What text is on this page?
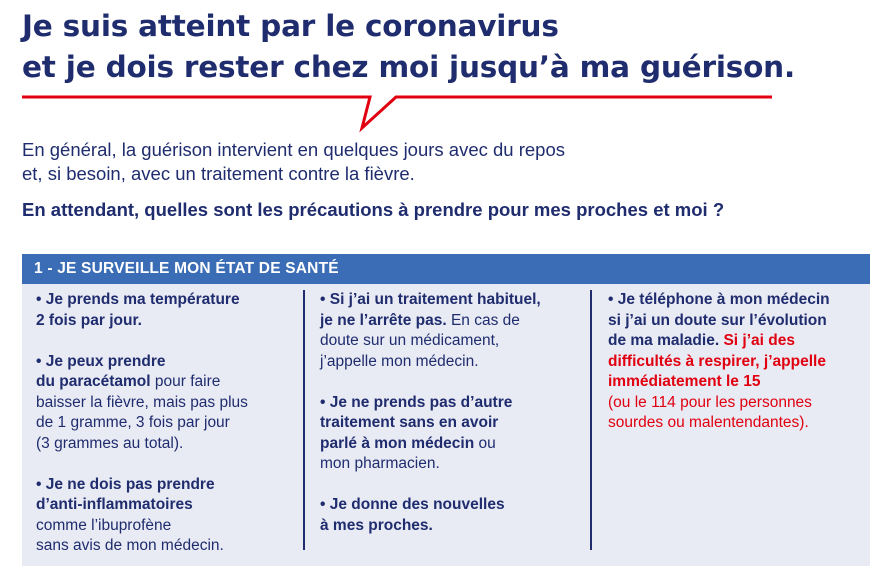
Je suis atteint par le coronavirus
et je dois rester chez moi jusqu’à ma guérison.

En général, la guérison intervient en quelques jours avec du repos
et, si besoin, avec un traitement contre la fièvre.

En attendant, quelles sont les précautions à prendre pour mes proches et moi ?

1 - JE SURVEILLE MON ÉTAT DE SANTÉ

• Je prends ma température
2 fois par jour.

• Je peux prendre
du paracétamol pour faire
baisser la fièvre, mais pas plus
de 1 gramme, 3 fois par jour
(3 grammes au total).

• Je ne dois pas prendre
d’anti-inflammatoires
comme l’ibuprofène
sans avis de mon médecin.

• Si j’ai un traitement habituel,
je ne l’arrête pas. En cas de
doute sur un médicament,
j’appelle mon médecin.

• Je ne prends pas d’autre
traitement sans en avoir
parlé à mon médecin ou
mon pharmacien.

• Je donne des nouvelles
à mes proches.

• Je téléphone à mon médecin
si j’ai un doute sur l’évolution
de ma maladie. Si j’ai des
difficultés à respirer, j’appelle
immédiatement le 15
(ou le 114 pour les personnes
sourdes ou malentendantes).
